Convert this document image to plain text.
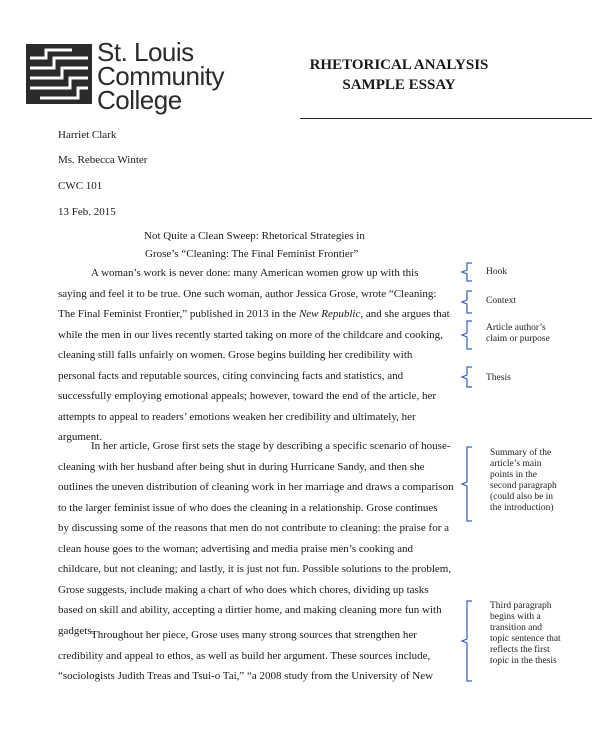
St. Louis
Community
College
RHETORICAL ANALYSIS
SAMPLE ESSAY
Harriet Clark
Ms. Rebecca Winter
CWC 101
13 Feb. 2015
Not Quite a Clean Sweep: Rhetorical Strategies in
Grose’s “Cleaning: The Final Feminist Frontier”
A woman’s work is never done: many American women grow up with this
saying and feel it to be true. One such woman, author Jessica Grose, wrote “Cleaning:
The Final Feminist Frontier,” published in 2013 in the New Republic, and she argues that
while the men in our lives recently started taking on more of the childcare and cooking,
cleaning still falls unfairly on women. Grose begins building her credibility with
personal facts and reputable sources, citing convincing facts and statistics, and
successfully employing emotional appeals; however, toward the end of the article, her
attempts to appeal to readers’ emotions weaken her credibility and ultimately, her
argument.
In her article, Grose first sets the stage by describing a specific scenario of house-
cleaning with her husband after being shut in during Hurricane Sandy, and then she
outlines the uneven distribution of cleaning work in her marriage and draws a comparison
to the larger feminist issue of who does the cleaning in a relationship. Grose continues
by discussing some of the reasons that men do not contribute to cleaning: the praise for a
clean house goes to the woman; advertising and media praise men’s cooking and
childcare, but not cleaning; and lastly, it is just not fun. Possible solutions to the problem,
Grose suggests, include making a chart of who does which chores, dividing up tasks
based on skill and ability, accepting a dirtier home, and making cleaning more fun with
gadgets.
Throughout her piece, Grose uses many strong sources that strengthen her
credibility and appeal to ethos, as well as build her argument. These sources include,
“sociologists Judith Treas and Tsui-o Tai,” “a 2008 study from the University of New
Hook
Context
Article author’s
claim or purpose
Thesis
Summary of the
article’s main
points in the
second paragraph
(could also be in
the introduction)
Third paragraph
begins with a
transition and
topic sentence that
reflects the first
topic in the thesis
